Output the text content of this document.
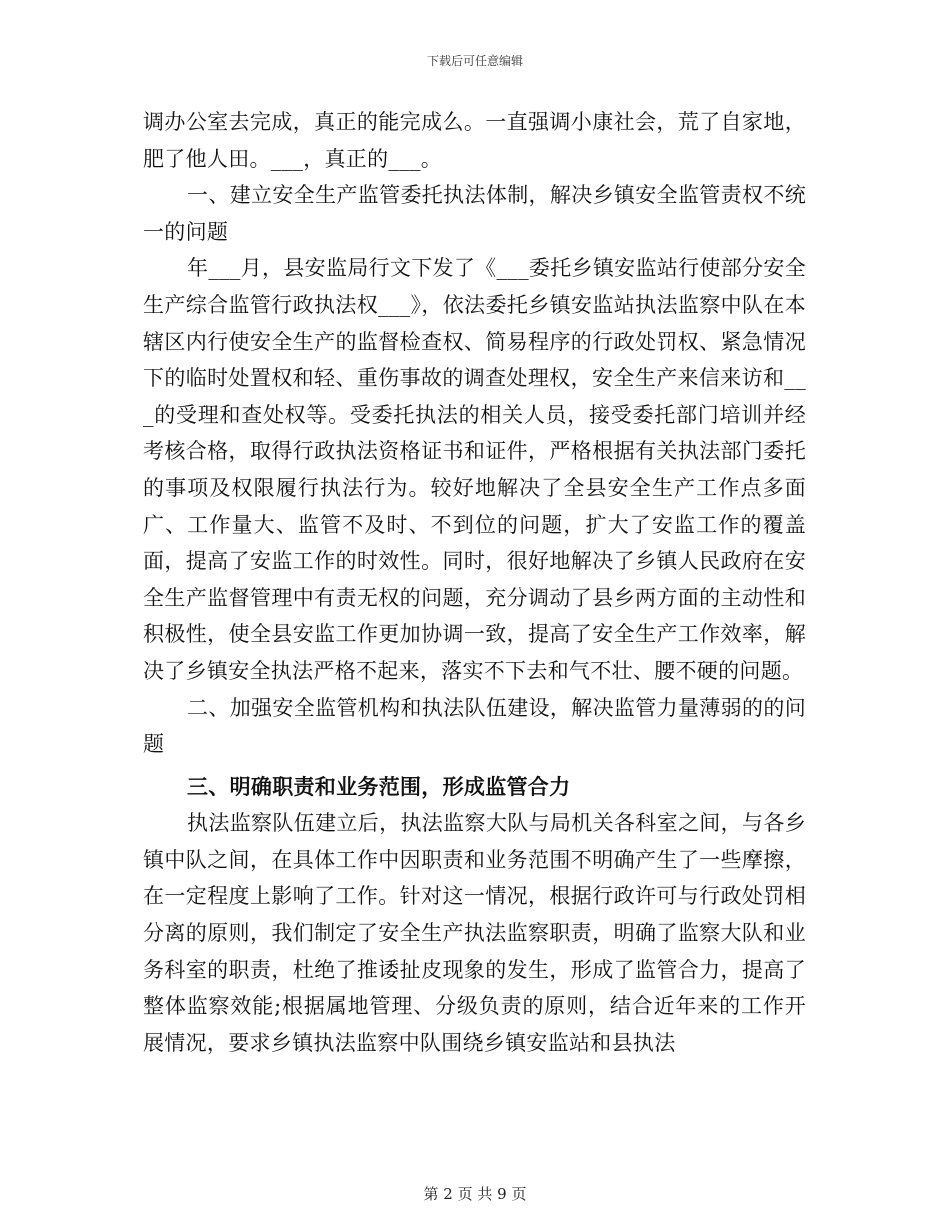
下载后可任意编辑

调办公室去完成，真正的能完成么。一直强调小康社会，荒了自家地，肥了他人田。___，真正的___。

一、建立安全生产监管委托执法体制，解决乡镇安全监管责权不统一的问题

年___月，县安监局行文下发了《___委托乡镇安监站行使部分安全生产综合监管行政执法权___》，依法委托乡镇安监站执法监察中队在本辖区内行使安全生产的监督检查权、简易程序的行政处罚权、紧急情况下的临时处置权和轻、重伤事故的调查处理权，安全生产来信来访和___的受理和查处权等。受委托执法的相关人员，接受委托部门培训并经考核合格，取得行政执法资格证书和证件，严格根据有关执法部门委托的事项及权限履行执法行为。较好地解决了全县安全生产工作点多面广、工作量大、监管不及时、不到位的问题，扩大了安监工作的覆盖面，提高了安监工作的时效性。同时，很好地解决了乡镇人民政府在安全生产监督管理中有责无权的问题，充分调动了县乡两方面的主动性和积极性，使全县安监工作更加协调一致，提高了安全生产工作效率，解决了乡镇安全执法严格不起来，落实不下去和气不壮、腰不硬的问题。

二、加强安全监管机构和执法队伍建设，解决监管力量薄弱的的问题

三、明确职责和业务范围，形成监管合力

执法监察队伍建立后，执法监察大队与局机关各科室之间，与各乡镇中队之间，在具体工作中因职责和业务范围不明确产生了一些摩擦，在一定程度上影响了工作。针对这一情况，根据行政许可与行政处罚相分离的原则，我们制定了安全生产执法监察职责，明确了监察大队和业务科室的职责，杜绝了推诿扯皮现象的发生，形成了监管合力，提高了整体监察效能;根据属地管理、分级负责的原则，结合近年来的工作开展情况，要求乡镇执法监察中队围绕乡镇安监站和县执法

第 2 页 共 9 页
